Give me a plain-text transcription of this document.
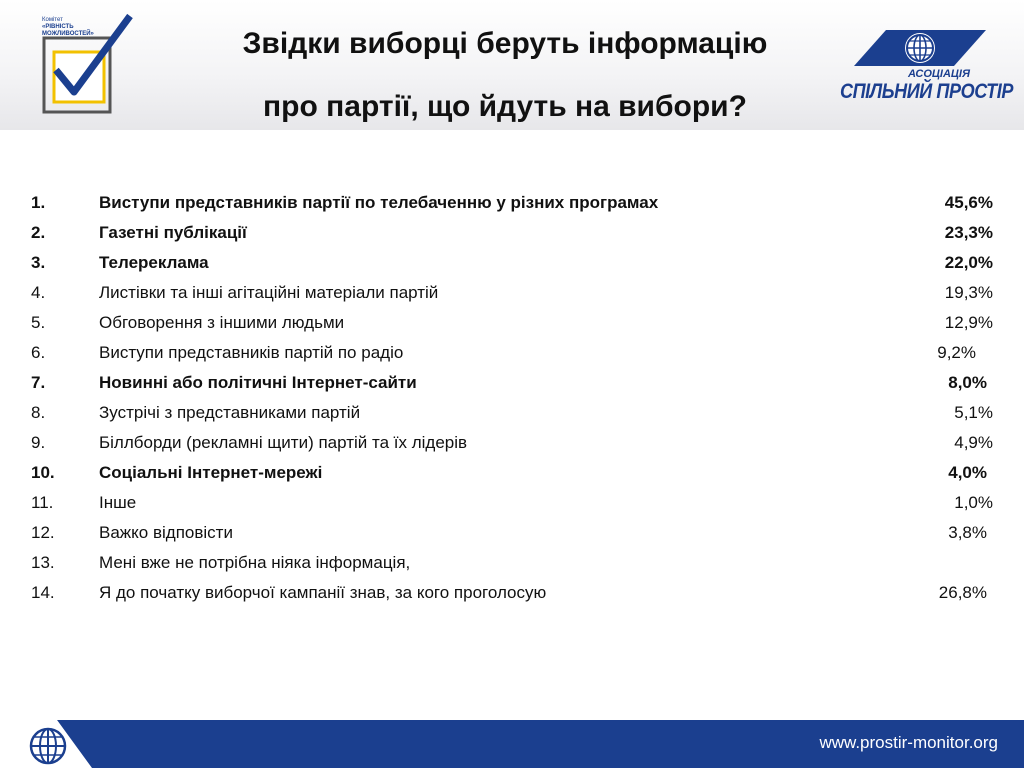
Комітет
«РІВНІСТЬ
МОЖЛИВОСТЕЙ»	Звідки виборці беруть інформацію
про партії, що йдуть на вибори?
АСОЦІАЦІЯ
СПІЛЬНИЙ ПРОСТІР
1.	Виступи представників партії по телебаченню у різних програмах	45,6%
2.	Газетні публікації	23,3%
3.	Телереклама	22,0%
4.	Листівки та інші агітаційні матеріали партій	19,3%
5.	Обговорення з іншими людьми	12,9%
6.	Виступи представників партій по радіо	9,2%
7.	Новинні або політичні Інтернет-сайти	8,0%
8.	Зустрічі з представниками партій	5,1%
9.	Біллборди (рекламні щити) партій та їх лідерів	4,9%
10.	Соціальні Інтернет-мережі	4,0%
11.	Інше	1,0%
12.	Важко відповісти	3,8%
13.	Мені вже не потрібна ніяка інформація,
14.	Я до початку виборчої кампанії знав, за кого проголосую	26,8%
www.prostir-monitor.org
